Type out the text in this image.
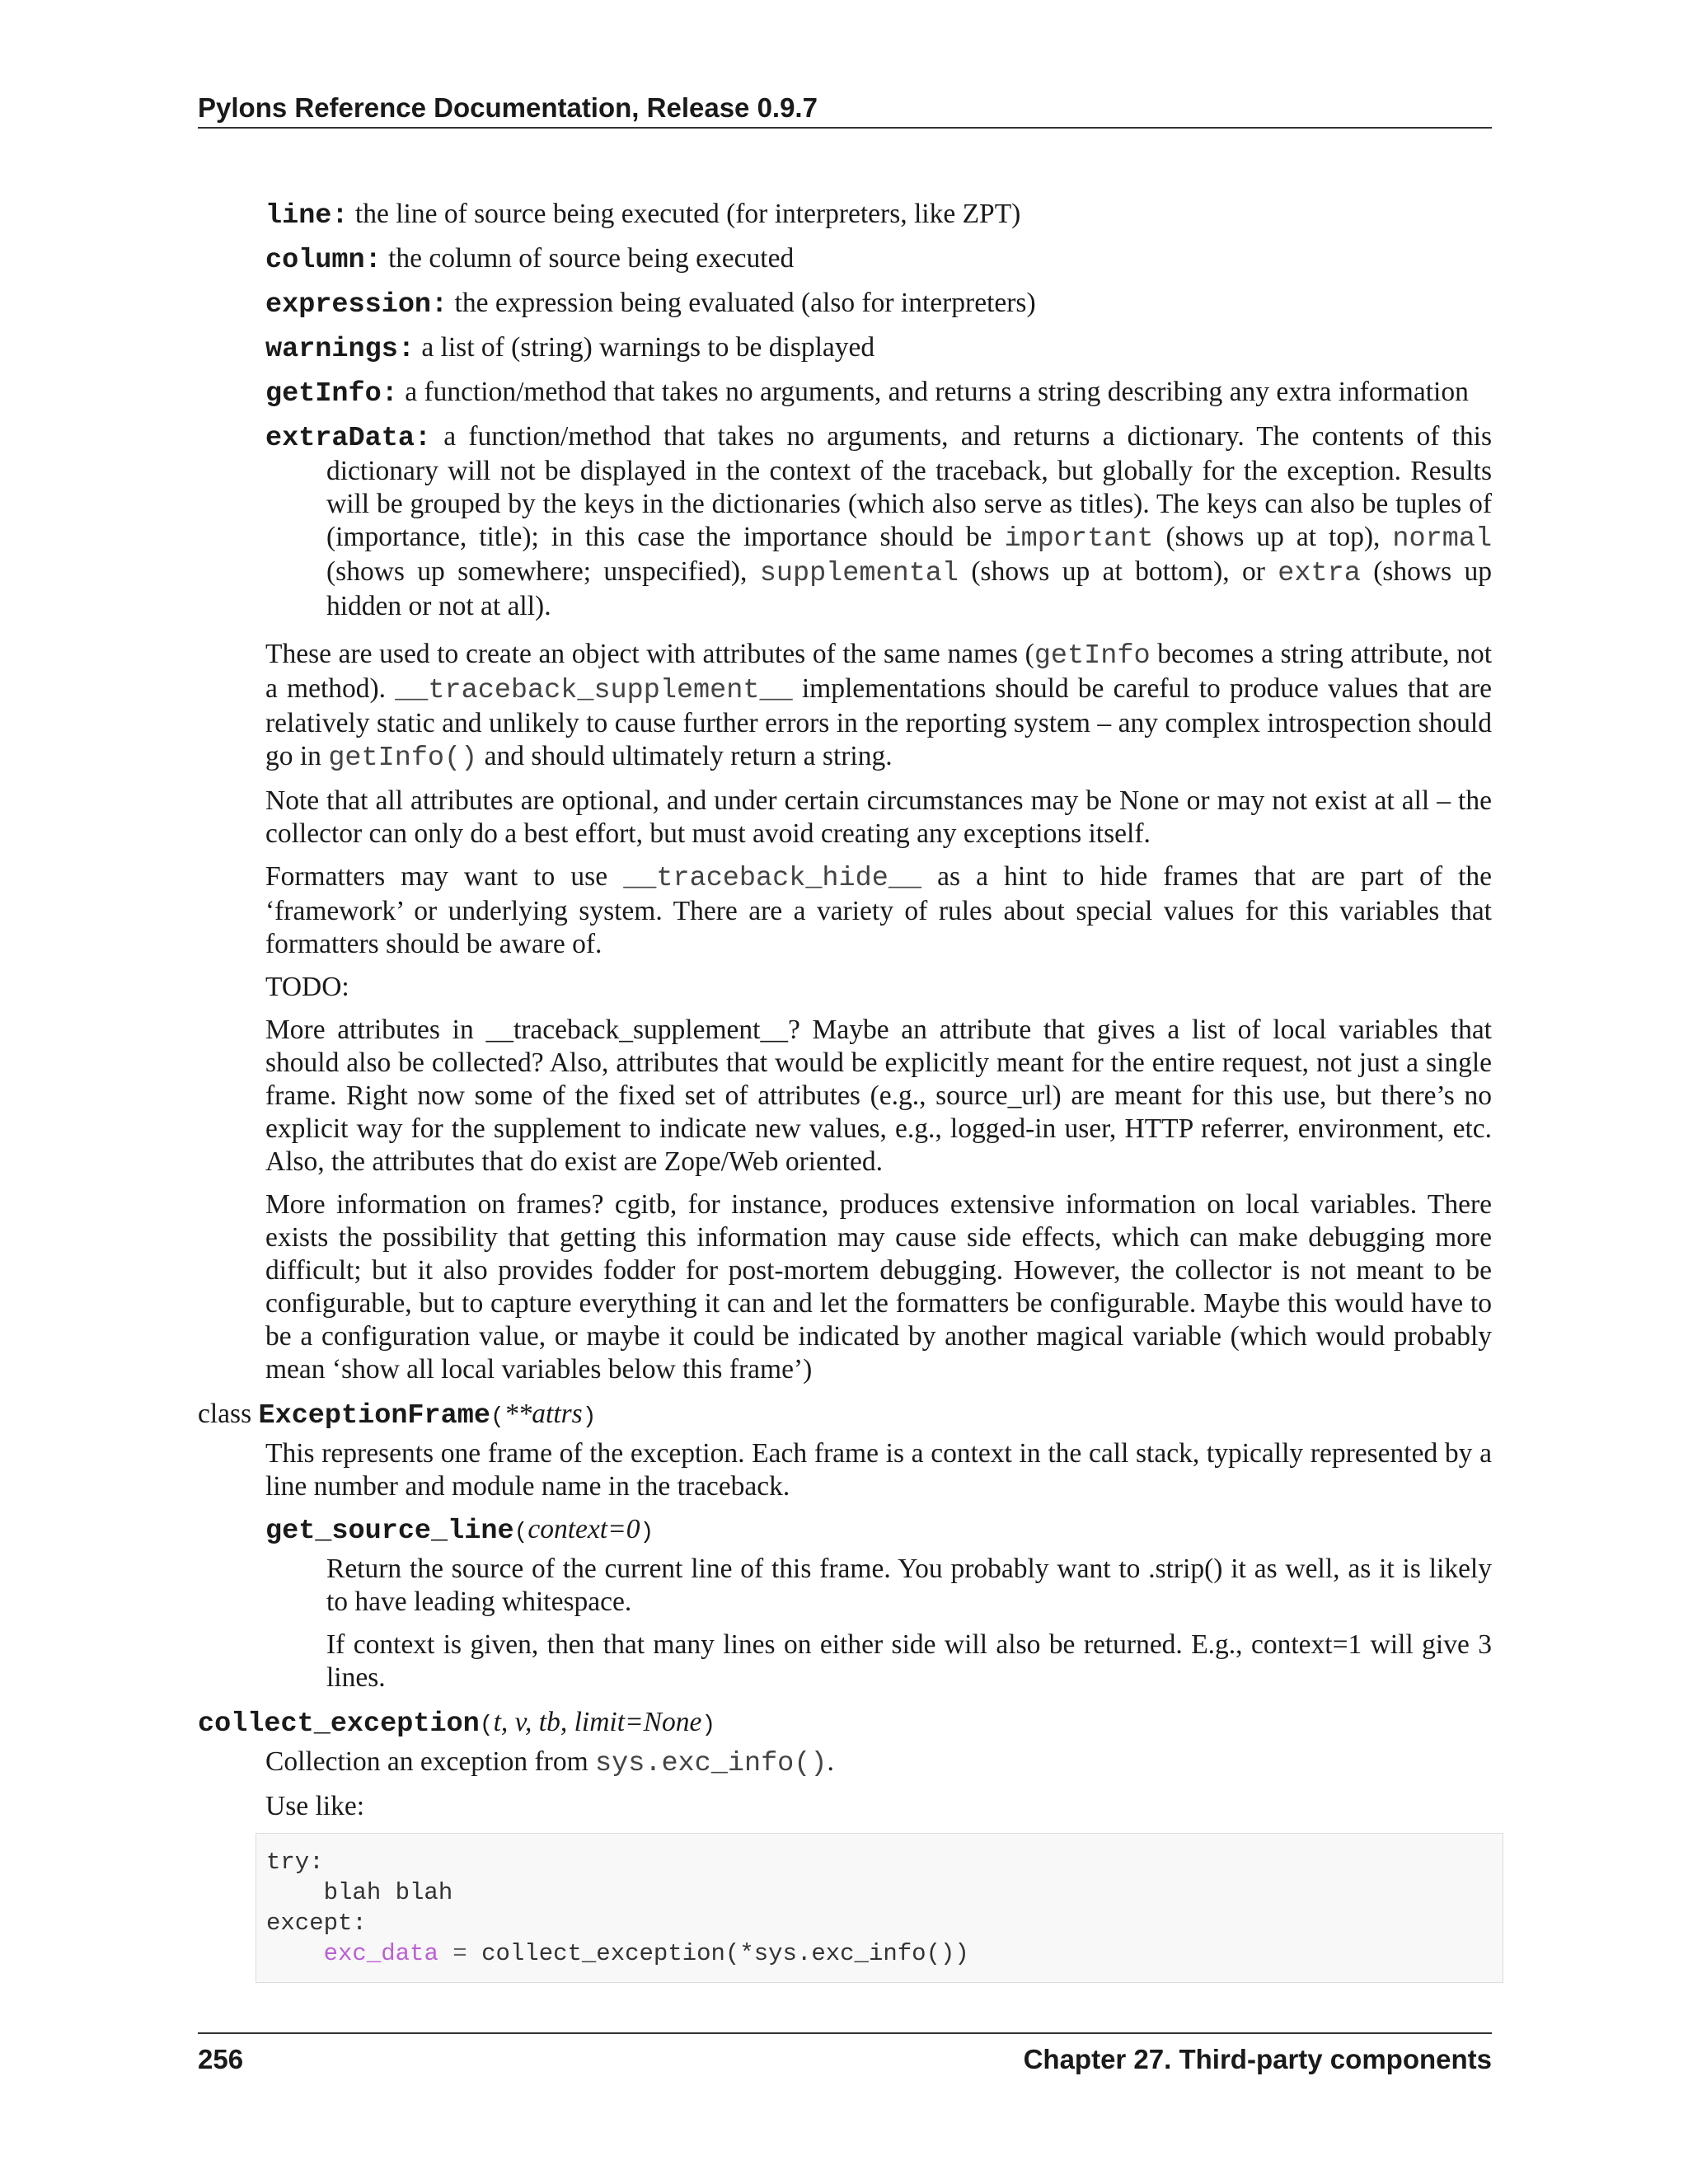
Pylons Reference Documentation, Release 0.9.7
line: the line of source being executed (for interpreters, like ZPT)
column: the column of source being executed
expression: the expression being evaluated (also for interpreters)
warnings: a list of (string) warnings to be displayed
getInfo: a function/method that takes no arguments, and returns a string describing any extra information
extraData: a function/method that takes no arguments, and returns a dictionary. The contents of this dictionary will not be displayed in the context of the traceback, but globally for the exception. Results will be grouped by the keys in the dictionaries (which also serve as titles). The keys can also be tuples of (importance, title); in this case the importance should be important (shows up at top), normal (shows up somewhere; unspecified), supplemental (shows up at bottom), or extra (shows up hidden or not at all).

These are used to create an object with attributes of the same names (getInfo becomes a string attribute, not a method). __traceback_supplement__ implementations should be careful to produce values that are relatively static and unlikely to cause further errors in the reporting system – any complex introspection should go in getInfo() and should ultimately return a string.

Note that all attributes are optional, and under certain circumstances may be None or may not exist at all – the collector can only do a best effort, but must avoid creating any exceptions itself.

Formatters may want to use __traceback_hide__ as a hint to hide frames that are part of the ‘framework’ or underlying system. There are a variety of rules about special values for this variables that formatters should be aware of.

TODO:

More attributes in __traceback_supplement__? Maybe an attribute that gives a list of local variables that should also be collected? Also, attributes that would be explicitly meant for the entire request, not just a single frame. Right now some of the fixed set of attributes (e.g., source_url) are meant for this use, but there’s no explicit way for the supplement to indicate new values, e.g., logged-in user, HTTP referrer, environment, etc. Also, the attributes that do exist are Zope/Web oriented.

More information on frames? cgitb, for instance, produces extensive information on local variables. There exists the possibility that getting this information may cause side effects, which can make debugging more difficult; but it also provides fodder for post-mortem debugging. However, the collector is not meant to be configurable, but to capture everything it can and let the formatters be configurable. Maybe this would have to be a configuration value, or maybe it could be indicated by another magical variable (which would probably mean ‘show all local variables below this frame’)

class ExceptionFrame(**attrs)

This represents one frame of the exception. Each frame is a context in the call stack, typically represented by a line number and module name in the traceback.

get_source_line(context=0)

Return the source of the current line of this frame. You probably want to .strip() it as well, as it is likely to have leading whitespace.

If context is given, then that many lines on either side will also be returned. E.g., context=1 will give 3 lines.

collect_exception(t, v, tb, limit=None)

Collection an exception from sys.exc_info().

Use like:

try:
blah blah
except:
exc_data = collect_exception(*sys.exc_info())
256	Chapter 27. Third-party components
